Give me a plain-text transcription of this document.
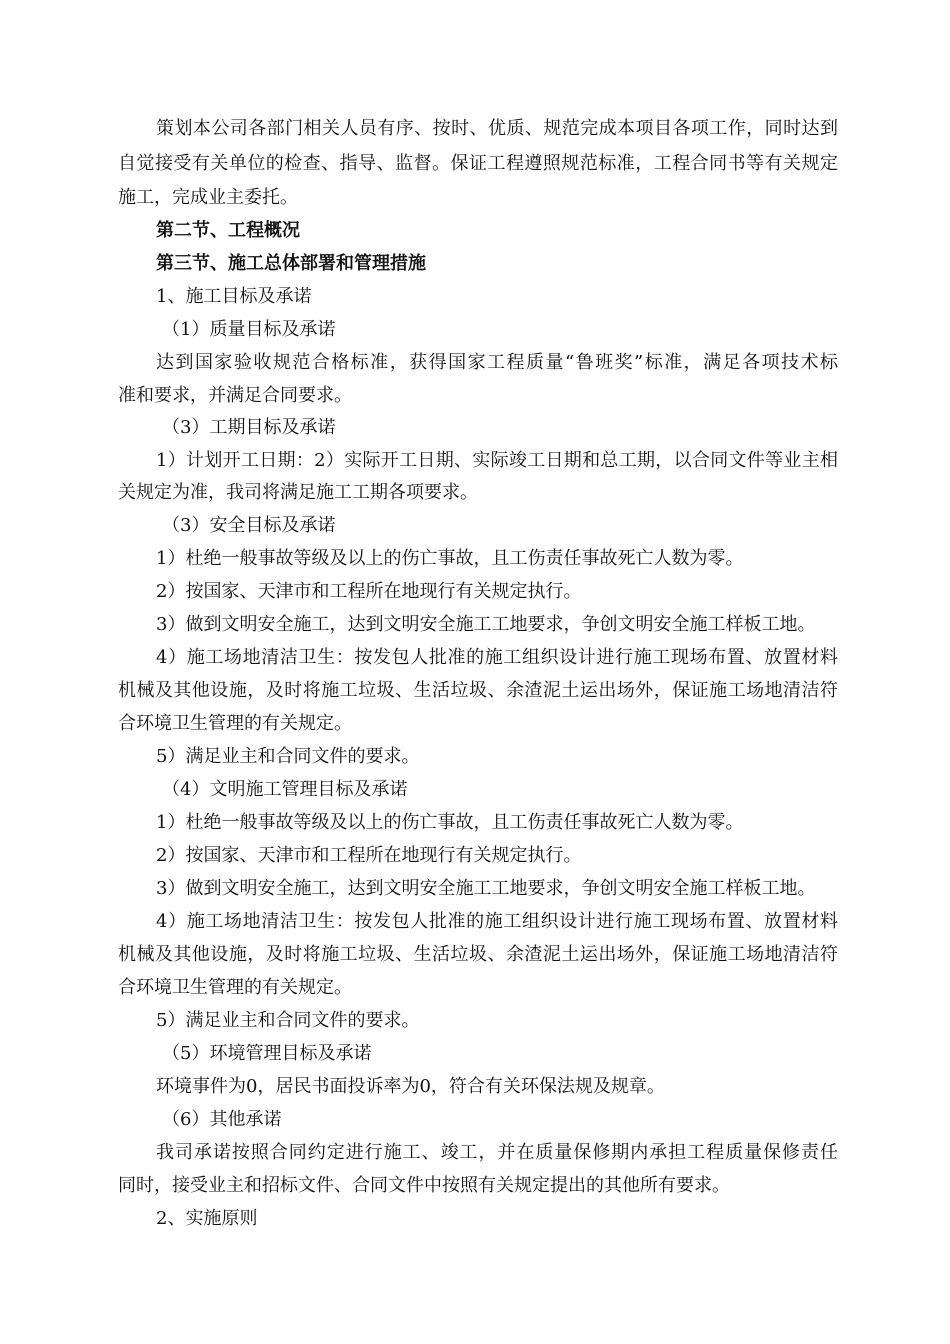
策划本公司各部门相关人员有序、按时、优质、规范完成本项目各项工作，同时达到
自觉接受有关单位的检查、指导、监督。保证工程遵照规范标准，工程合同书等有关规定
施工，完成业主委托。
第二节、工程概况
第三节、施工总体部署和管理措施
1、施工目标及承诺
（1）质量目标及承诺
达到国家验收规范合格标准，获得国家工程质量“鲁班奖”标准，满足各项技术标
准和要求，并满足合同要求。
（3）工期目标及承诺
1）计划开工日期：2）实际开工日期、实际竣工日期和总工期，以合同文件等业主相
关规定为准，我司将满足施工工期各项要求。
（3）安全目标及承诺
1）杜绝一般事故等级及以上的伤亡事故，且工伤责任事故死亡人数为零。
2）按国家、天津市和工程所在地现行有关规定执行。
3）做到文明安全施工，达到文明安全施工工地要求，争创文明安全施工样板工地。
4）施工场地清洁卫生：按发包人批准的施工组织设计进行施工现场布置、放置材料
机械及其他设施，及时将施工垃圾、生活垃圾、余渣泥土运出场外，保证施工场地清洁符
合环境卫生管理的有关规定。
5）满足业主和合同文件的要求。
（4）文明施工管理目标及承诺
1）杜绝一般事故等级及以上的伤亡事故，且工伤责任事故死亡人数为零。
2）按国家、天津市和工程所在地现行有关规定执行。
3）做到文明安全施工，达到文明安全施工工地要求，争创文明安全施工样板工地。
4）施工场地清洁卫生：按发包人批准的施工组织设计进行施工现场布置、放置材料
机械及其他设施，及时将施工垃圾、生活垃圾、余渣泥土运出场外，保证施工场地清洁符
合环境卫生管理的有关规定。
5）满足业主和合同文件的要求。
（5）环境管理目标及承诺
环境事件为0，居民书面投诉率为0，符合有关环保法规及规章。
（6）其他承诺
我司承诺按照合同约定进行施工、竣工，并在质量保修期内承担工程质量保修责任
同时，接受业主和招标文件、合同文件中按照有关规定提出的其他所有要求。
2、实施原则
